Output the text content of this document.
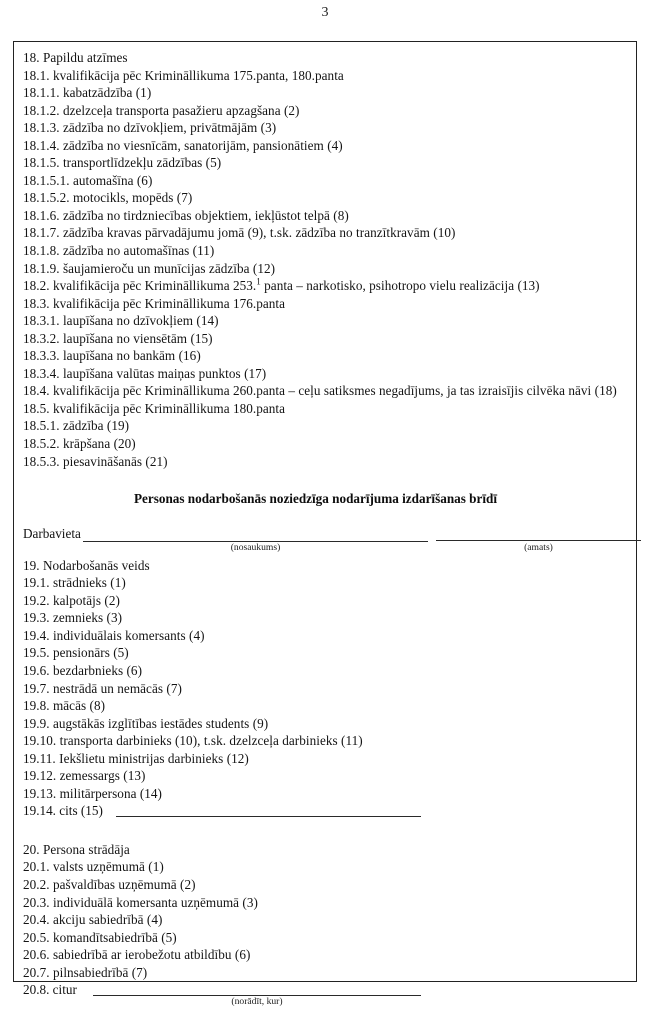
3
18. Papildu atzīmes
18.1. kvalifikācija pēc Krimināllikuma 175.panta, 180.panta
18.1.1. kabatzādzība (1)
18.1.2. dzelzceļa transporta pasažieru apzagšana (2)
18.1.3. zādzība no dzīvokļiem, privātmājām (3)
18.1.4. zādzība no viesnīcām, sanatorijām, pansionātiem (4)
18.1.5. transportlīdzekļu zādzības (5)
18.1.5.1. automašīna (6)
18.1.5.2. motocikls, mopēds (7)
18.1.6. zādzība no tirdzniecības objektiem, iekļūstot telpā (8)
18.1.7. zādzība kravas pārvadājumu jomā (9), t.sk. zādzība no tranzītkravām (10)
18.1.8. zādzība no automašīnas (11)
18.1.9. šaujamieroču un munīcijas zādzība (12)
18.2. kvalifikācija pēc Krimināllikuma 253.$^1$ panta – narkotisko, psihotropo vielu realizācija (13)
18.3. kvalifikācija pēc Krimināllikuma 176.panta
18.3.1. laupīšana no dzīvokļiem (14)
18.3.2. laupīšana no viensētām (15)
18.3.3. laupīšana no bankām (16)
18.3.4. laupīšana valūtas maiņas punktos (17)
18.4. kvalifikācija pēc Krimināllikuma 260.panta – ceļu satiksmes negadījums, ja tas izraisījis cilvēka nāvi (18)
18.5. kvalifikācija pēc Krimināllikuma 180.panta
18.5.1. zādzība (19)
18.5.2. krāpšana (20)
18.5.3. piesavināšanās (21)
Personas nodarbošanās noziedzīga nodarījuma izdarīšanas brīdī
Darbavieta
(nosaukums)	(amats)
19. Nodarbošanās veids
19.1. strādnieks (1)
19.2. kalpotājs (2)
19.3. zemnieks (3)
19.4. individuālais komersants (4)
19.5. pensionārs (5)
19.6. bezdarbnieks (6)
19.7. nestrādā un nemācās (7)
19.8. mācās (8)
19.9. augstākās izglītības iestādes students (9)
19.10. transporta darbinieks (10), t.sk. dzelzceļa darbinieks (11)
19.11. Iekšlietu ministrijas darbinieks (12)
19.12. zemessargs (13)
19.13. militārpersona (14)
19.14. cits (15)
20. Persona strādāja
20.1. valsts uzņēmumā (1)
20.2. pašvaldības uzņēmumā (2)
20.3. individuālā komersanta uzņēmumā (3)
20.4. akciju sabiedrībā (4)
20.5. komandītsabiedrībā (5)
20.6. sabiedrībā ar ierobežotu atbildību (6)
20.7. pilnsabiedrībā (7)
20.8. citur
(norādīt, kur)
